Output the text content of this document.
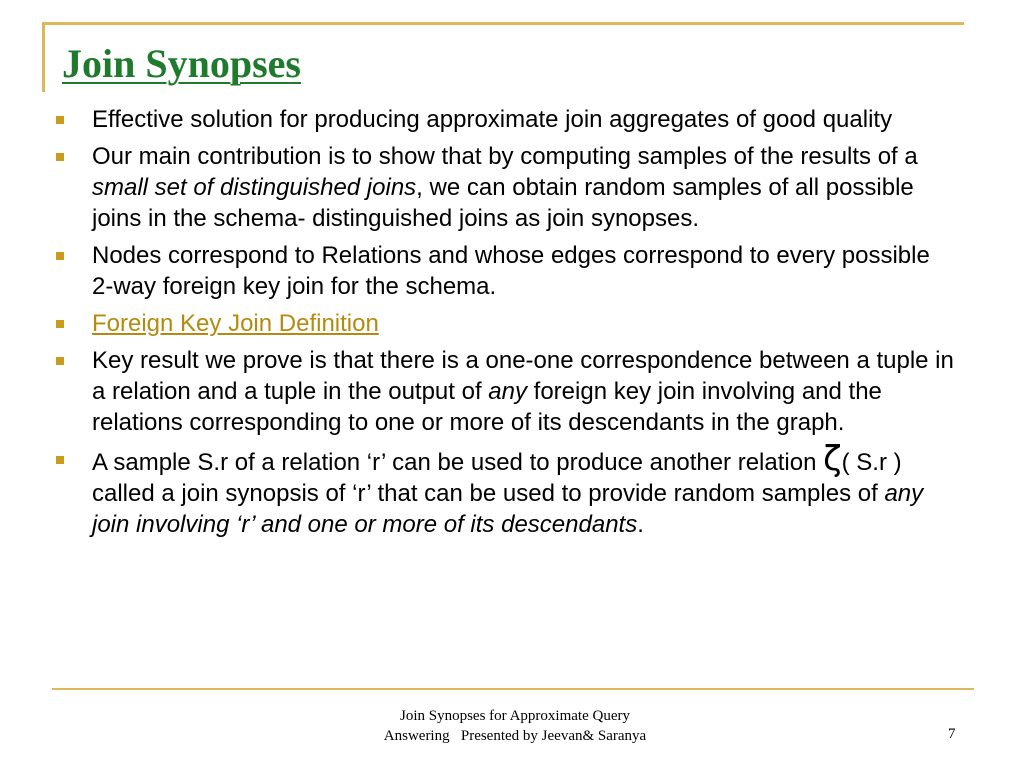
Join Synopses
Effective solution for producing approximate join aggregates of good quality
Our main contribution is to show that by computing samples of the results of a small set of distinguished joins, we can obtain random samples of all possible joins in the schema- distinguished joins as join synopses.
Nodes correspond to Relations and whose edges correspond to every possible 2-way foreign key join for the schema.
Foreign Key Join Definition
Key result we prove is that there is a one-one correspondence between a tuple in a relation and a tuple in the output of any foreign key join involving and the relations corresponding to one or more of its descendants in the graph.
A sample S.r of a relation ‘r’ can be used to produce another relation ζ( S.r ) called a join synopsis of ‘r’ that can be used to provide random samples of any join involving ‘r’ and one or more of its descendants.
Join Synopses for Approximate Query
Answering   Presented by Jeevan& Saranya	7
